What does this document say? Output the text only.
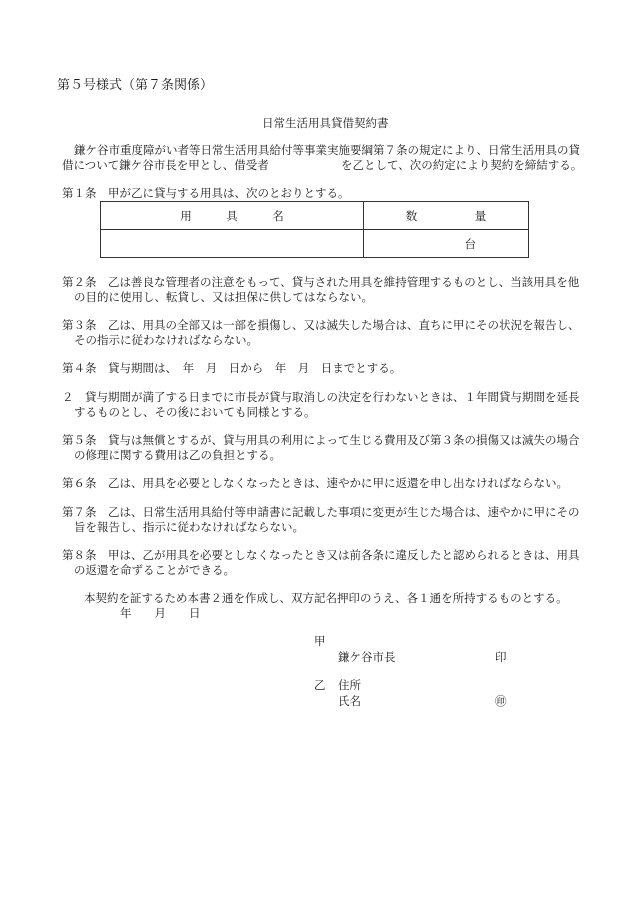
第５号様式（第７条関係）
日常生活用具貸借契約書
鎌ケ谷市重度障がい者等日常生活用具給付等事業実施要綱第７条の規定により、日常生活用具の貸
借について鎌ケ谷市長を甲とし、借受者	を乙として、次の約定により契約を締結する。
第１条　甲が乙に貸与する用具は、次のとおりとする。
用　　　具　　　名	数　　　　　量
	台
第２条　乙は善良な管理者の注意をもって、貸与された用具を維持管理するものとし、当該用具を他
の目的に使用し、転貸し、又は担保に供してはならない。
第３条　乙は、用具の全部又は一部を損傷し、又は滅失した場合は、直ちに甲にその状況を報告し、
その指示に従わなければならない。
第４条　貸与期間は、　年　月　日から　年　月　日までとする。
２　貸与期間が満了する日までに市長が貸与取消しの決定を行わないときは、１年間貸与期間を延長
するものとし、その後においても同様とする。
第５条　貸与は無償とするが、貸与用具の利用によって生じる費用及び第３条の損傷又は滅失の場合
の修理に関する費用は乙の負担とする。
第６条　乙は、用具を必要としなくなったときは、速やかに甲に返還を申し出なければならない。
第７条　乙は、日常生活用具給付等申請書に記載した事項に変更が生じた場合は、速やかに甲にその
旨を報告し、指示に従わなければならない。
第８条　甲は、乙が用具を必要としなくなったとき又は前各条に違反したと認められるときは、用具
の返還を命ずることができる。
本契約を証するため本書２通を作成し、双方記名押印のうえ、各１通を所持するものとする。
年　　月　　日
甲
鎌ケ谷市長	印
乙 住所
氏名	㊞
